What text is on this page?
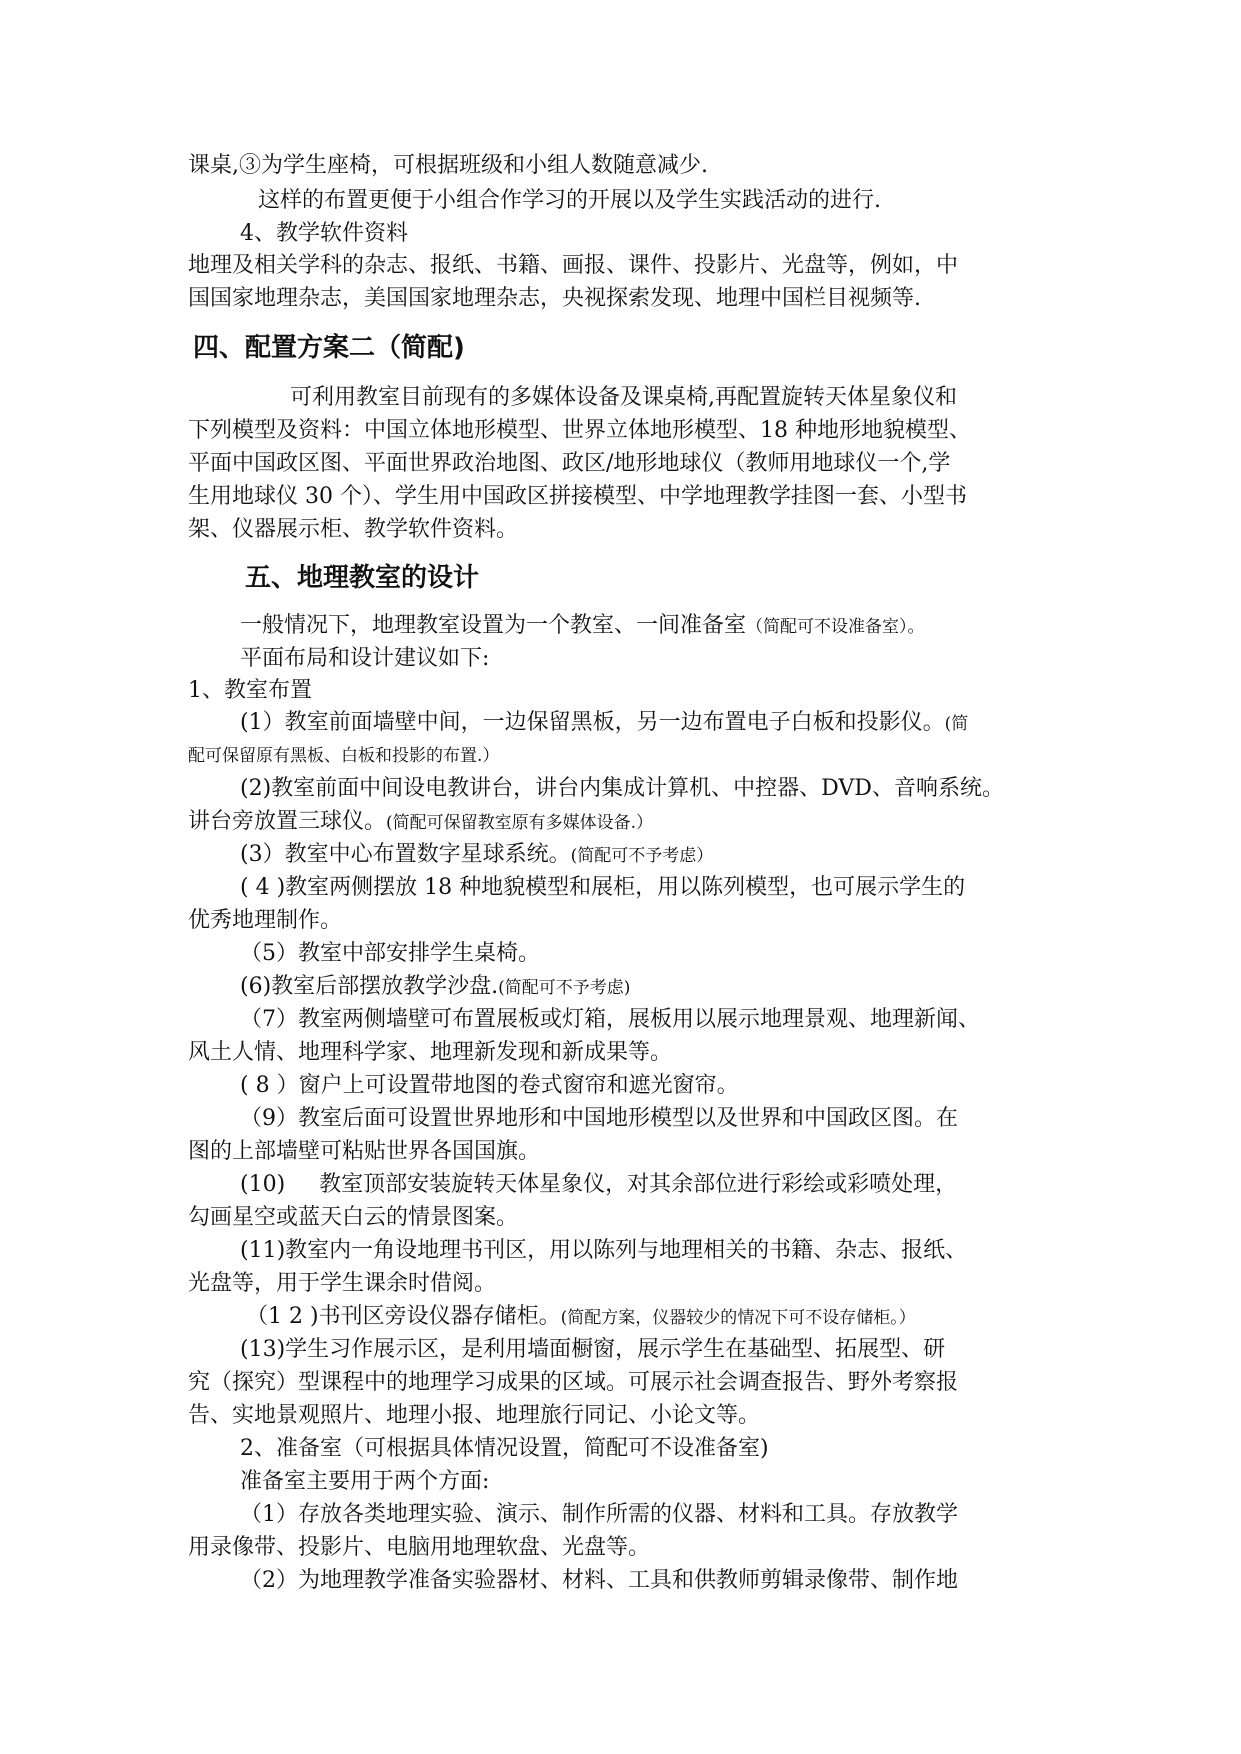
课桌,③为学生座椅，可根据班级和小组人数随意减少.
这样的布置更便于小组合作学习的开展以及学生实践活动的进行.
4、教学软件资料
地理及相关学科的杂志、报纸、书籍、画报、课件、投影片、光盘等，例如，中
国国家地理杂志，美国国家地理杂志，央视探索发现、地理中国栏目视频等.
四、配置方案二（简配)
可利用教室目前现有的多媒体设备及课桌椅,再配置旋转天体星象仪和
下列模型及资料：中国立体地形模型、世界立体地形模型、18 种地形地貌模型、
平面中国政区图、平面世界政治地图、政区/地形地球仪（教师用地球仪一个,学
生用地球仪 30 个）、学生用中国政区拼接模型、中学地理教学挂图一套、小型书
架、仪器展示柜、教学软件资料。
五、地理教室的设计
一般情况下，地理教室设置为一个教室、一间准备室（简配可不设准备室）。
平面布局和设计建议如下:
1、教室布置
(1）教室前面墙壁中间，一边保留黑板，另一边布置电子白板和投影仪。(简
配可保留原有黑板、白板和投影的布置.）
(2)教室前面中间设电教讲台，讲台内集成计算机、中控器、DVD、音响系统。
讲台旁放置三球仪。(简配可保留教室原有多媒体设备.）
(3）教室中心布置数字星球系统。(简配可不予考虑）
( 4 )教室两侧摆放 18 种地貌模型和展柜，用以陈列模型，也可展示学生的
优秀地理制作。
（5）教室中部安排学生桌椅。
(6)教室后部摆放教学沙盘.(简配可不予考虑)
（7）教室两侧墙壁可布置展板或灯箱，展板用以展示地理景观、地理新闻、
风土人情、地理科学家、地理新发现和新成果等。
( 8 ）窗户上可设置带地图的卷式窗帘和遮光窗帘。
（9）教室后面可设置世界地形和中国地形模型以及世界和中国政区图。在
图的上部墙壁可粘贴世界各国国旗。
(10) 教室顶部安装旋转天体星象仪，对其余部位进行彩绘或彩喷处理，
勾画星空或蓝天白云的情景图案。
(11)教室内一角设地理书刊区，用以陈列与地理相关的书籍、杂志、报纸、
光盘等，用于学生课余时借阅。
（1 2 )书刊区旁设仪器存储柜。(简配方案，仪器较少的情况下可不设存储柜。）
(13)学生习作展示区，是利用墙面橱窗，展示学生在基础型、拓展型、研
究（探究）型课程中的地理学习成果的区域。可展示社会调查报告、野外考察报
告、实地景观照片、地理小报、地理旅行同记、小论文等。
2、准备室（可根据具体情况设置，简配可不设准备室)
准备室主要用于两个方面:
（1）存放各类地理实验、演示、制作所需的仪器、材料和工具。存放教学
用录像带、投影片、电脑用地理软盘、光盘等。
（2）为地理教学准备实验器材、材料、工具和供教师剪辑录像带、制作地
